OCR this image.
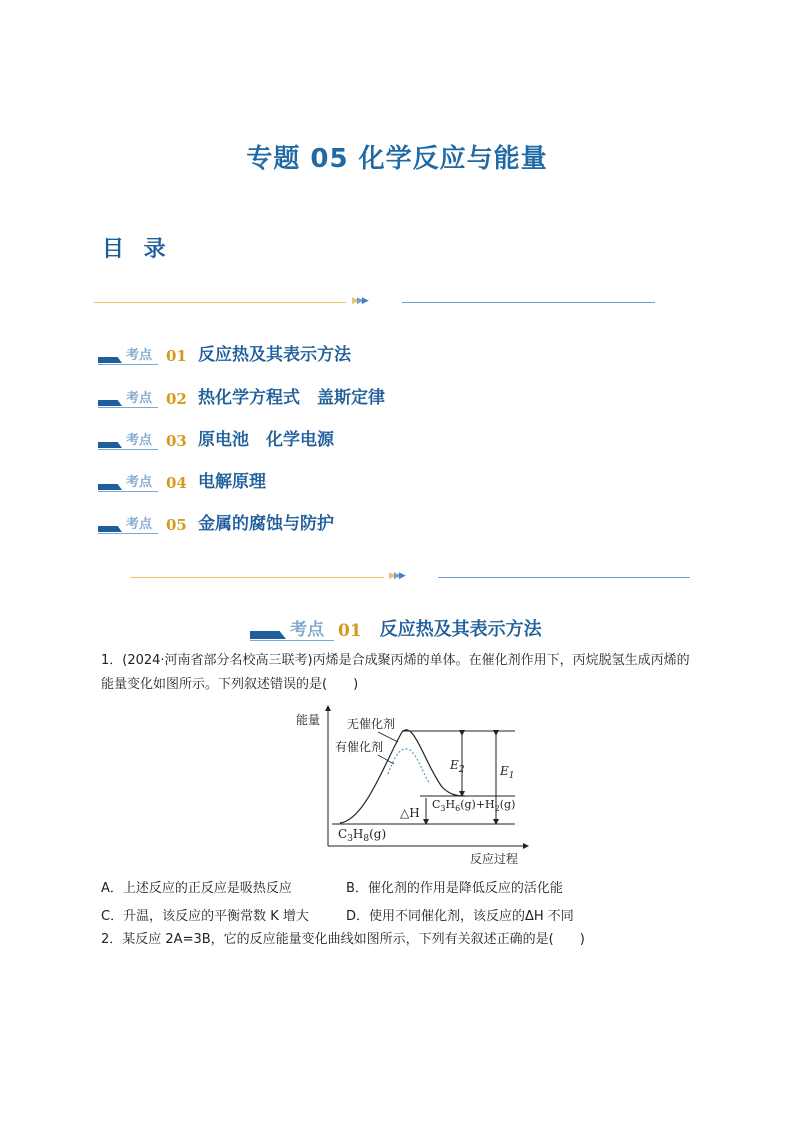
专题 05 化学反应与能量
目 录
▶▶▶
考点 01 反应热及其表示方法
考点 02 热化学方程式　盖斯定律
考点 03 原电池　化学电源
考点 04 电解原理
考点 05 金属的腐蚀与防护
▶▶▶
考点 01 反应热及其表示方法
1．(2024·河南省部分名校高三联考)丙烯是合成聚丙烯的单体。在催化剂作用下，丙烷脱氢生成丙烯的
能量变化如图所示。下列叙述错误的是(　　)
能量
反应过程
无催化剂
有催化剂
$E_2$	$E_1$
△H
$C_3H_6(g)+H_2(g)$
$C_3H_8(g)$
A．上述反应的正反应是吸热反应	B．催化剂的作用是降低反应的活化能
C．升温，该反应的平衡常数 K 增大	D．使用不同催化剂，该反应的ΔH 不同
2．某反应 2A=3B，它的反应能量变化曲线如图所示，下列有关叙述正确的是(　　)
